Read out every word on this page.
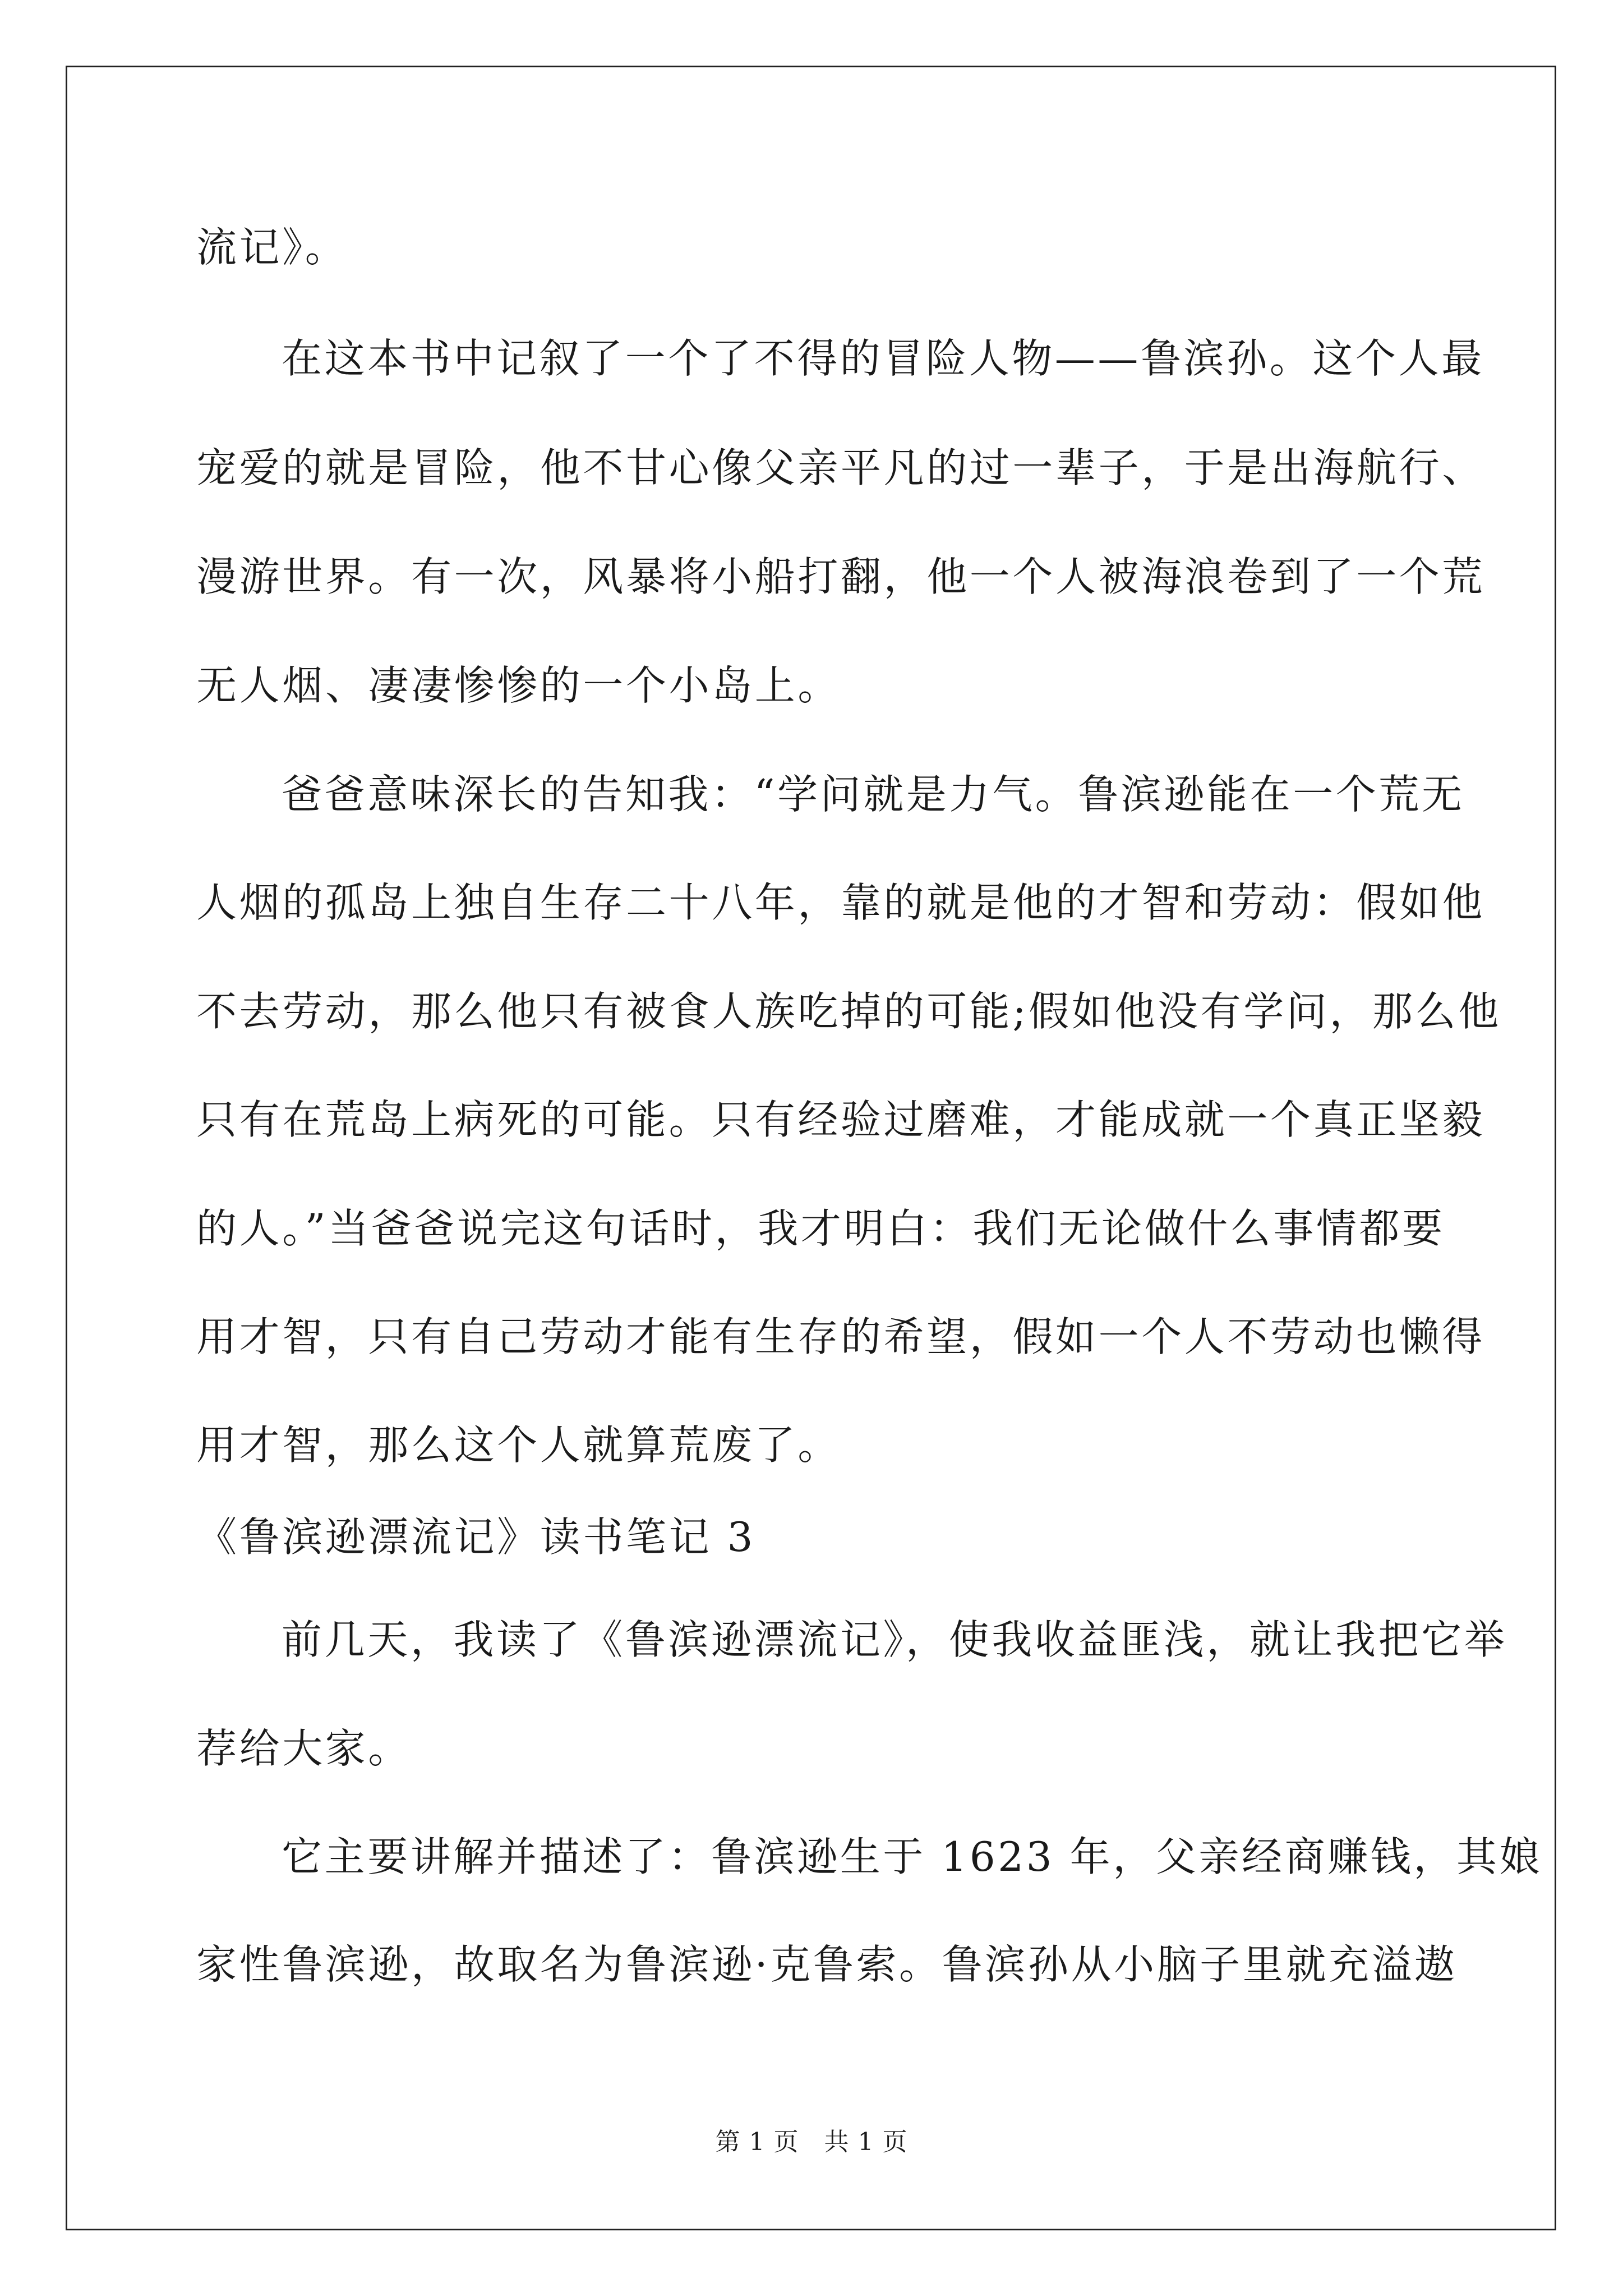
流记》。
在这本书中记叙了一个了不得的冒险人物——鲁滨孙。这个人最
宠爱的就是冒险，他不甘心像父亲平凡的过一辈子，于是出海航行、
漫游世界。有一次，风暴将小船打翻，他一个人被海浪卷到了一个荒
无人烟、凄凄惨惨的一个小岛上。
爸爸意味深长的告知我：“学问就是力气。鲁滨逊能在一个荒无
人烟的孤岛上独自生存二十八年，靠的就是他的才智和劳动：假如他
不去劳动，那么他只有被食人族吃掉的可能;假如他没有学问，那么他
只有在荒岛上病死的可能。只有经验过磨难，才能成就一个真正坚毅
的人。”当爸爸说完这句话时，我才明白：我们无论做什么事情都要
用才智，只有自己劳动才能有生存的希望，假如一个人不劳动也懒得
用才智，那么这个人就算荒废了。
《鲁滨逊漂流记》读书笔记 3
前几天，我读了《鲁滨逊漂流记》，使我收益匪浅，就让我把它举
荐给大家。
它主要讲解并描述了：鲁滨逊生于 1623 年，父亲经商赚钱，其娘
家性鲁滨逊，故取名为鲁滨逊·克鲁索。鲁滨孙从小脑子里就充溢遨
第 1 页　共 1 页
